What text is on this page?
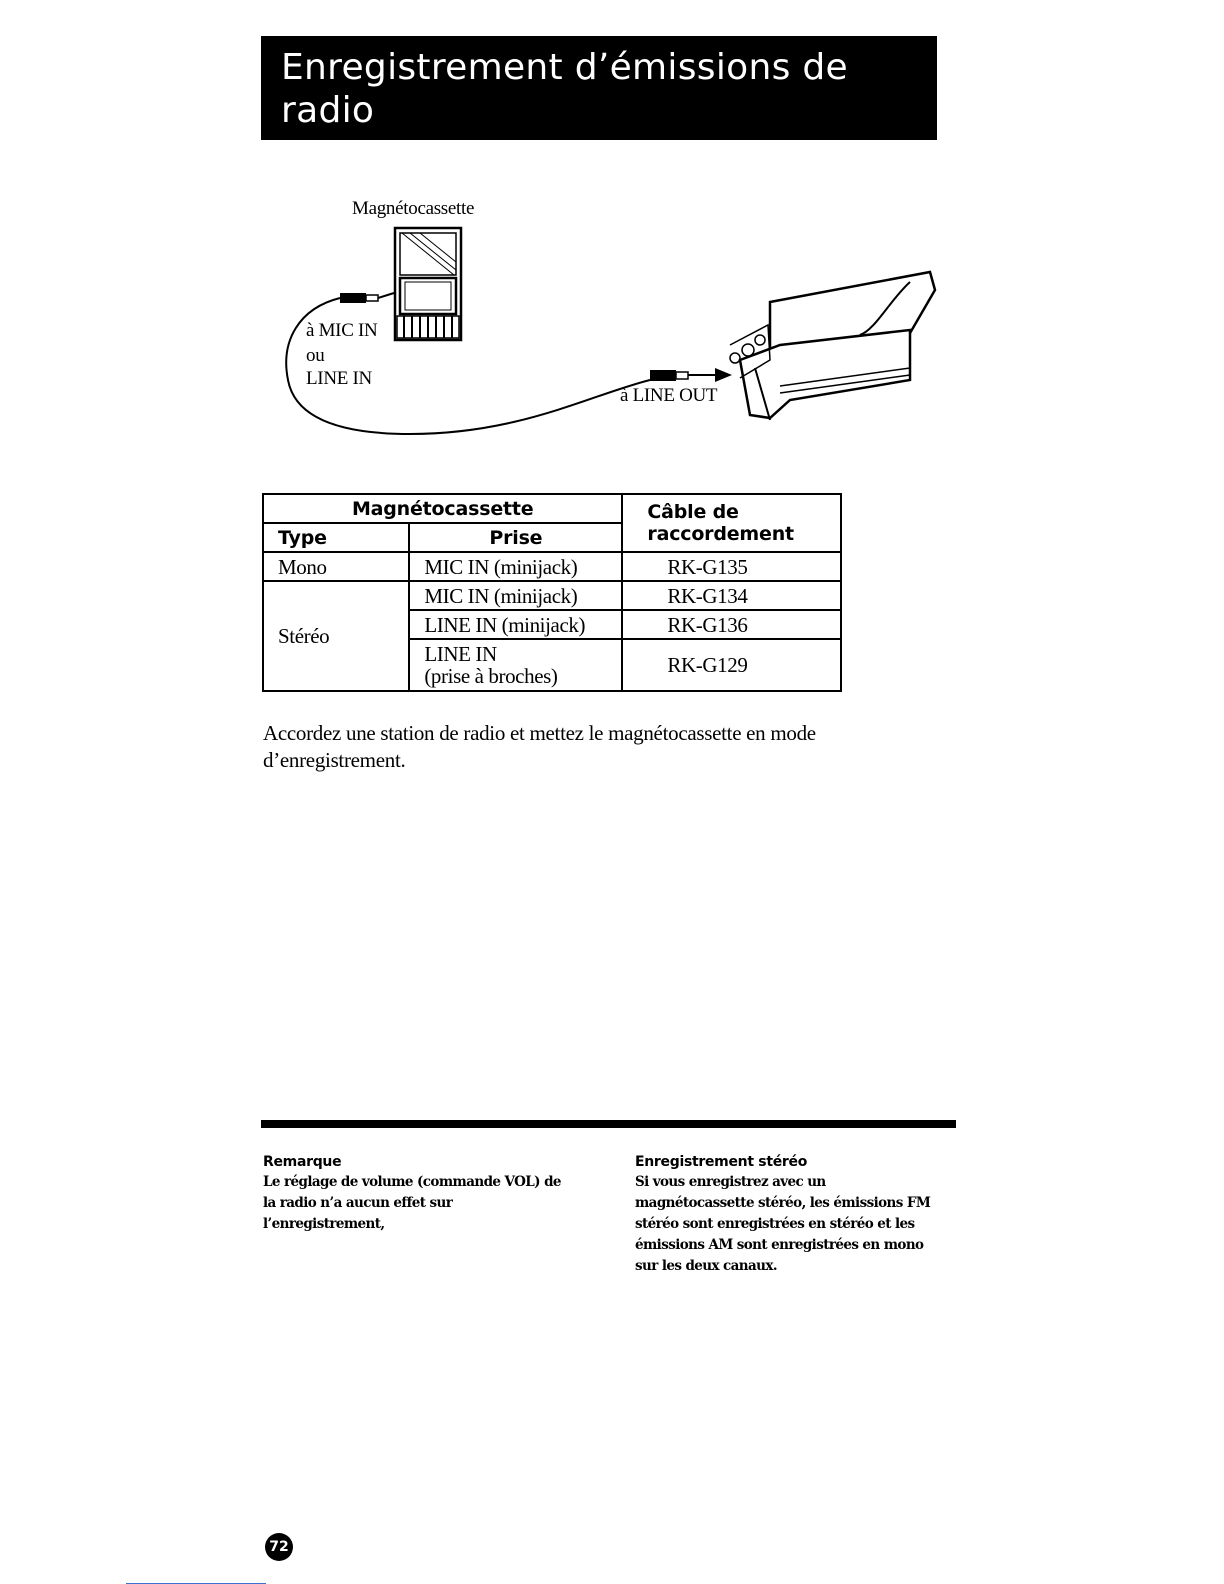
Enregistrement d’émissions de radio
Magnétocassette
à MIC IN
ou
LINE IN
à LINE OUT
Magnétocassette		Câble de
raccordement
Type	Prise	
Mono	MIC IN (minijack)	RK-G135
Stéréo	MIC IN (minijack)	RK-G134
	LINE IN (minijack)	RK-G136
	LINE IN
(prise à broches)	RK-G129
Accordez une station de radio et mettez le magnétocassette en mode d’enregistrement.
Remarque

Le réglage de volume (commande VOL) de la radio n’a aucun effet sur l’enregistrement,

Enregistrement stéréo

Si vous enregistrez avec un magnétocassette stéréo, les émissions FM stéréo sont enregistrées en stéréo et les émissions AM sont enregistrées en mono sur les deux canaux.

72
